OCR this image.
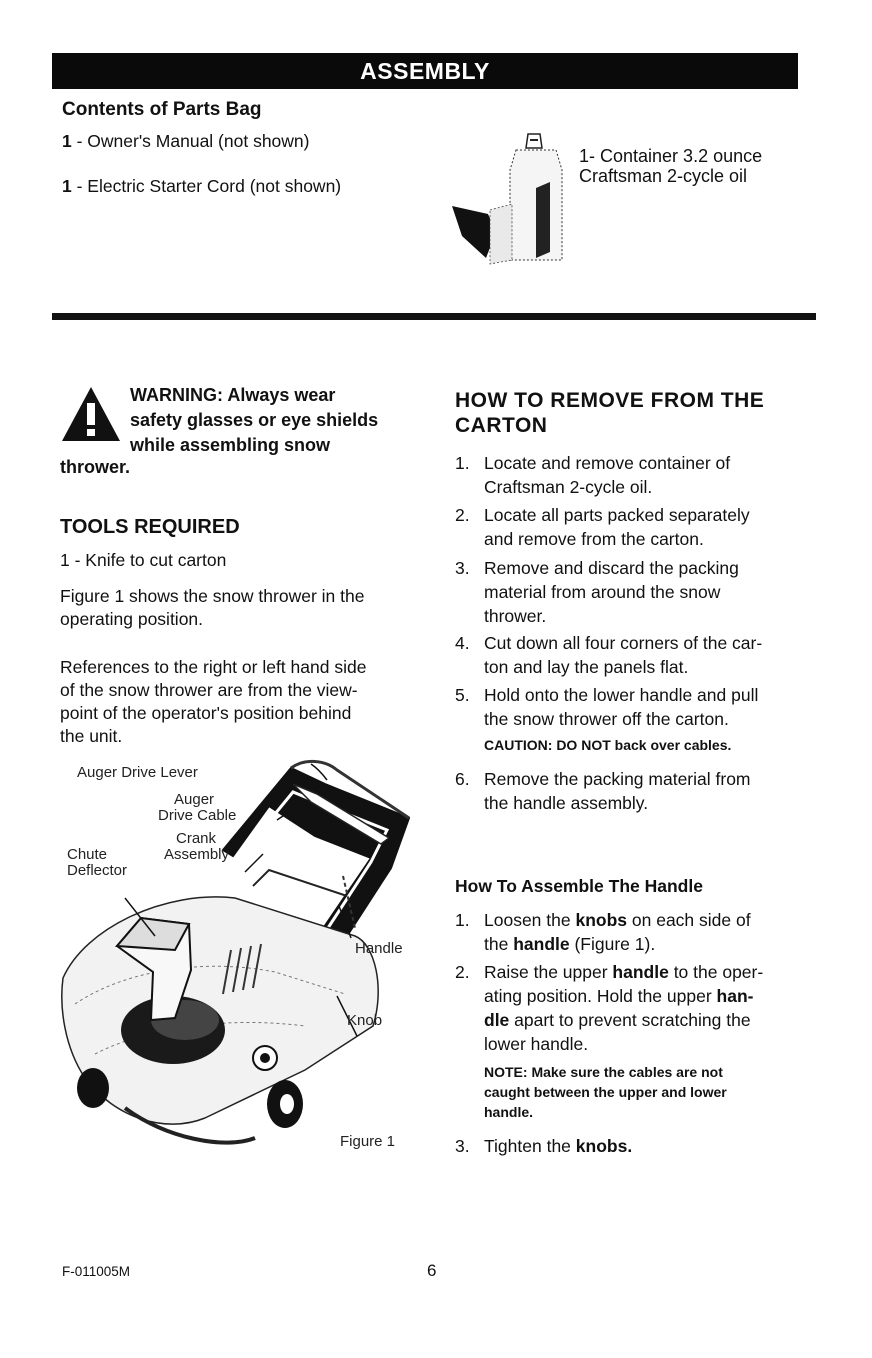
ASSEMBLY
Contents of Parts Bag
1 - Owner's Manual (not shown)
1 - Electric Starter Cord (not shown)
1- Container 3.2 ounce
Craftsman 2-cycle oil
WARNING: Always wear
safety glasses or eye shields
while assembling snow
thrower.
TOOLS REQUIRED
1 - Knife to cut carton
Figure 1 shows the snow thrower in the
operating position.
References to the right or left hand side
of the snow thrower are from the view-
point of the operator's position behind
the unit.
Auger Drive Lever
Auger
Drive Cable
Crank
Assembly
Chute
Deflector
Handle
Knob
Figure 1
HOW TO REMOVE FROM THE
CARTON
1. Locate and remove container of
Craftsman 2-cycle oil.
2. Locate all parts packed separately
and remove from the carton.
3. Remove and discard the packing
material from around the snow
thrower.
4. Cut down all four corners of the car-
ton and lay the panels flat.
5. Hold onto the lower handle and pull
the snow thrower off the carton.
CAUTION: DO NOT back over cables.
6. Remove the packing material from
the handle assembly.
How To Assemble The Handle
1. Loosen the knobs on each side of
the handle (Figure 1).
2. Raise the upper handle to the oper-
ating position. Hold the upper han-
dle apart to prevent scratching the
lower handle.
NOTE: Make sure the cables are not
caught between the upper and lower
handle.
3. Tighten the knobs.
F-011005M	6
